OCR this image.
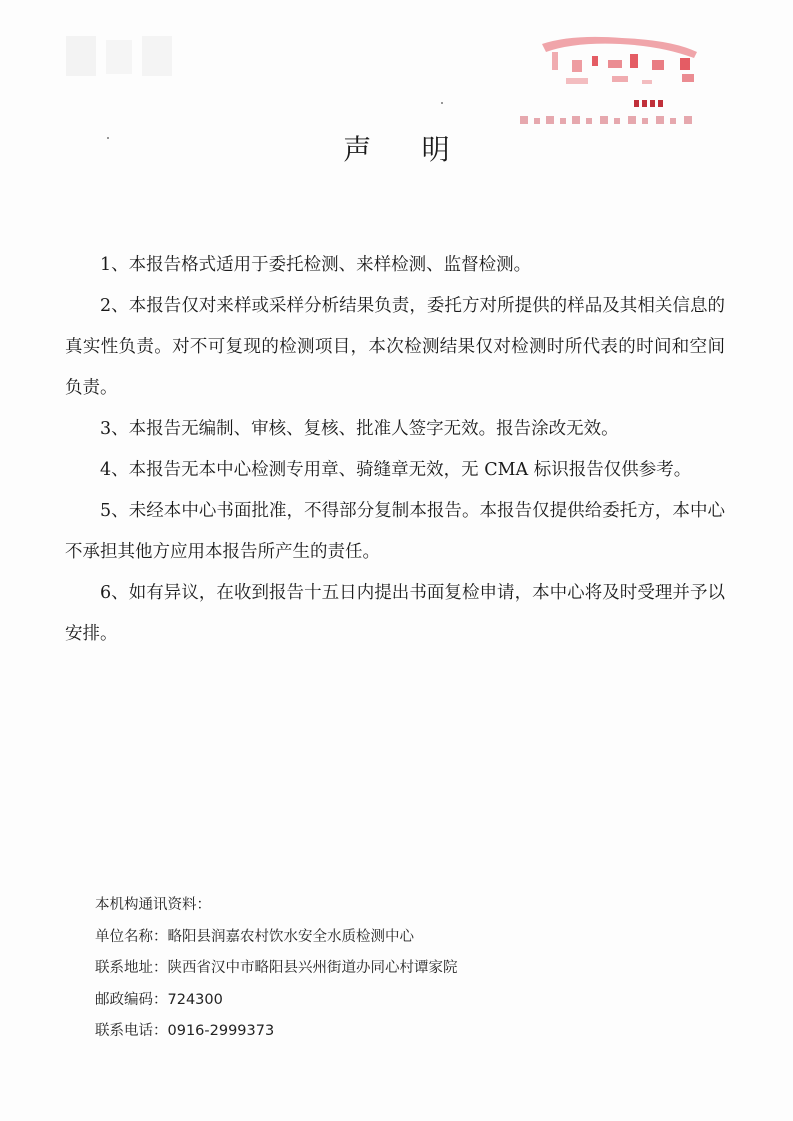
声　明
1、本报告格式适用于委托检测、来样检测、监督检测。
2、本报告仅对来样或采样分析结果负责，委托方对所提供的样品及其相关信息的真实性负责。对不可复现的检测项目，本次检测结果仅对检测时所代表的时间和空间负责。
3、本报告无编制、审核、复核、批准人签字无效。报告涂改无效。
4、本报告无本中心检测专用章、骑缝章无效，无 CMA 标识报告仅供参考。
5、未经本中心书面批准，不得部分复制本报告。本报告仅提供给委托方，本中心不承担其他方应用本报告所产生的责任。
6、如有异议，在收到报告十五日内提出书面复检申请，本中心将及时受理并予以安排。
本机构通讯资料：
单位名称：略阳县润嘉农村饮水安全水质检测中心
联系地址：陕西省汉中市略阳县兴州街道办同心村谭家院
邮政编码：724300
联系电话：0916-2999373
